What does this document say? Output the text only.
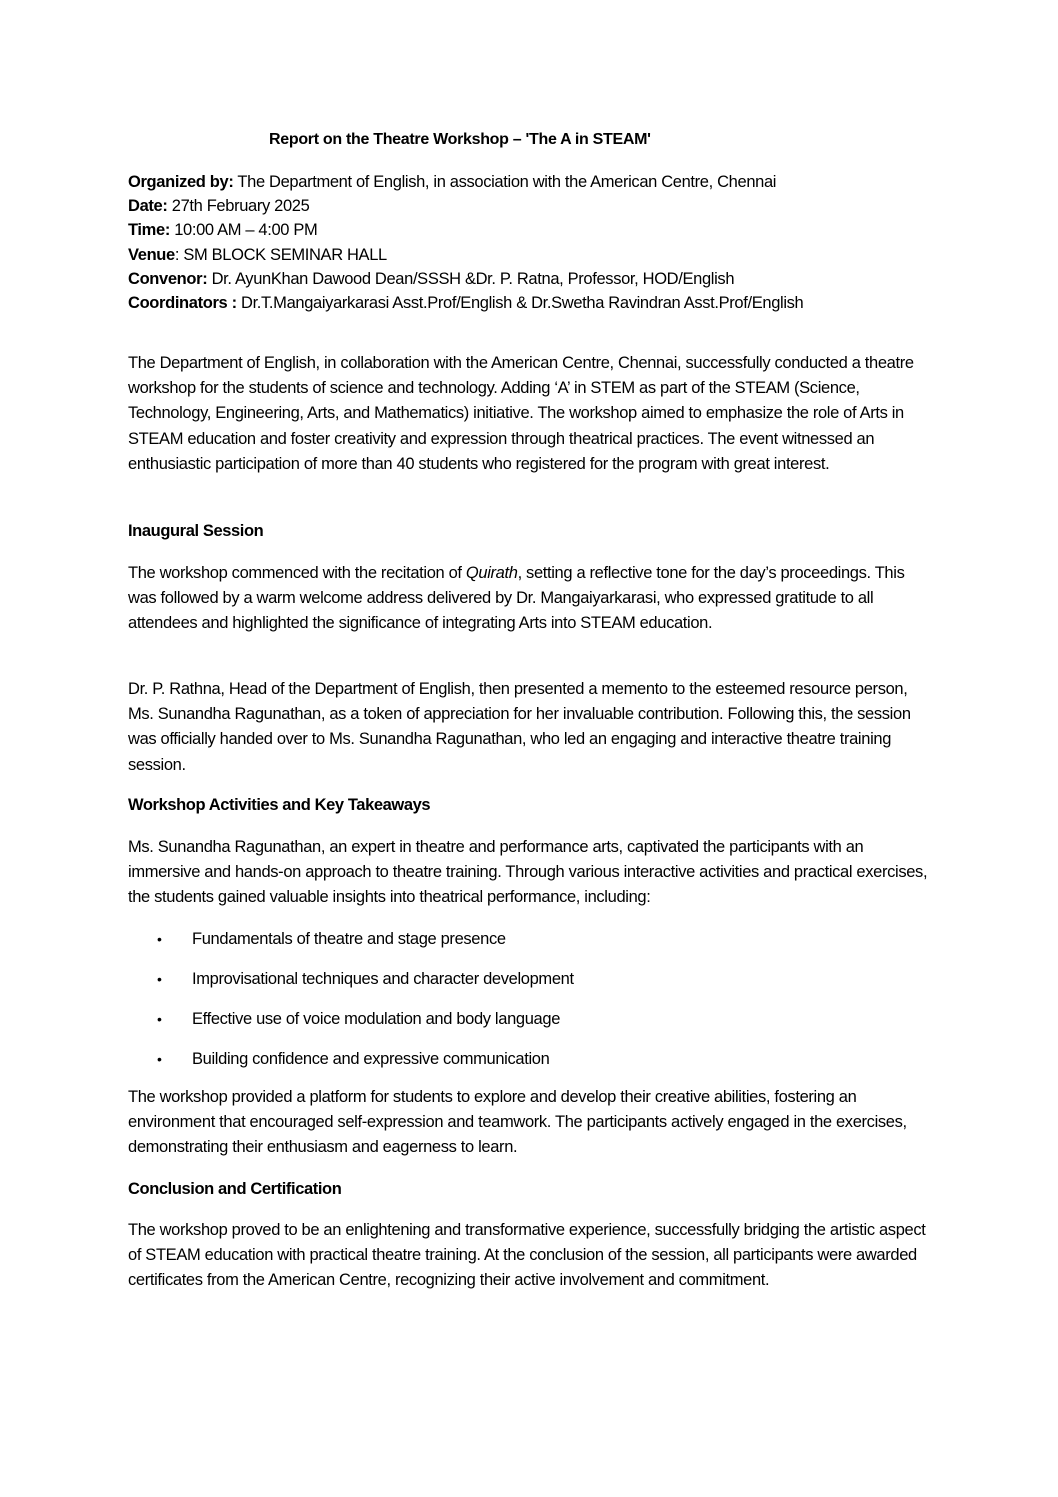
Report on the Theatre Workshop – 'The A in STEAM'
Organized by: The Department of English, in association with the American Centre, Chennai
Date: 27th February 2025
Time: 10:00 AM – 4:00 PM
Venue: SM BLOCK SEMINAR HALL
Convenor: Dr. AyunKhan Dawood Dean/SSSH &Dr. P. Ratna, Professor, HOD/English
Coordinators : Dr.T.Mangaiyarkarasi Asst.Prof/English & Dr.Swetha Ravindran Asst.Prof/English

The Department of English, in collaboration with the American Centre, Chennai, successfully conducted a theatre workshop for the students of science and technology. Adding ‘A’ in STEM as part of the STEAM (Science, Technology, Engineering, Arts, and Mathematics) initiative. The workshop aimed to emphasize the role of Arts in STEAM education and foster creativity and expression through theatrical practices. The event witnessed an enthusiastic participation of more than 40 students who registered for the program with great interest.

Inaugural Session

The workshop commenced with the recitation of Quirath, setting a reflective tone for the day’s proceedings. This was followed by a warm welcome address delivered by Dr. Mangaiyarkarasi, who expressed gratitude to all attendees and highlighted the significance of integrating Arts into STEAM education.

Dr. P. Rathna, Head of the Department of English, then presented a memento to the esteemed resource person, Ms. Sunandha Ragunathan, as a token of appreciation for her invaluable contribution. Following this, the session was officially handed over to Ms. Sunandha Ragunathan, who led an engaging and interactive theatre training session.

Workshop Activities and Key Takeaways

Ms. Sunandha Ragunathan, an expert in theatre and performance arts, captivated the participants with an immersive and hands-on approach to theatre training. Through various interactive activities and practical exercises, the students gained valuable insights into theatrical performance, including:

• Fundamentals of theatre and stage presence
• Improvisational techniques and character development
• Effective use of voice modulation and body language
• Building confidence and expressive communication

The workshop provided a platform for students to explore and develop their creative abilities, fostering an environment that encouraged self-expression and teamwork. The participants actively engaged in the exercises, demonstrating their enthusiasm and eagerness to learn.

Conclusion and Certification

The workshop proved to be an enlightening and transformative experience, successfully bridging the artistic aspect of STEAM education with practical theatre training. At the conclusion of the session, all participants were awarded certificates from the American Centre, recognizing their active involvement and commitment.
